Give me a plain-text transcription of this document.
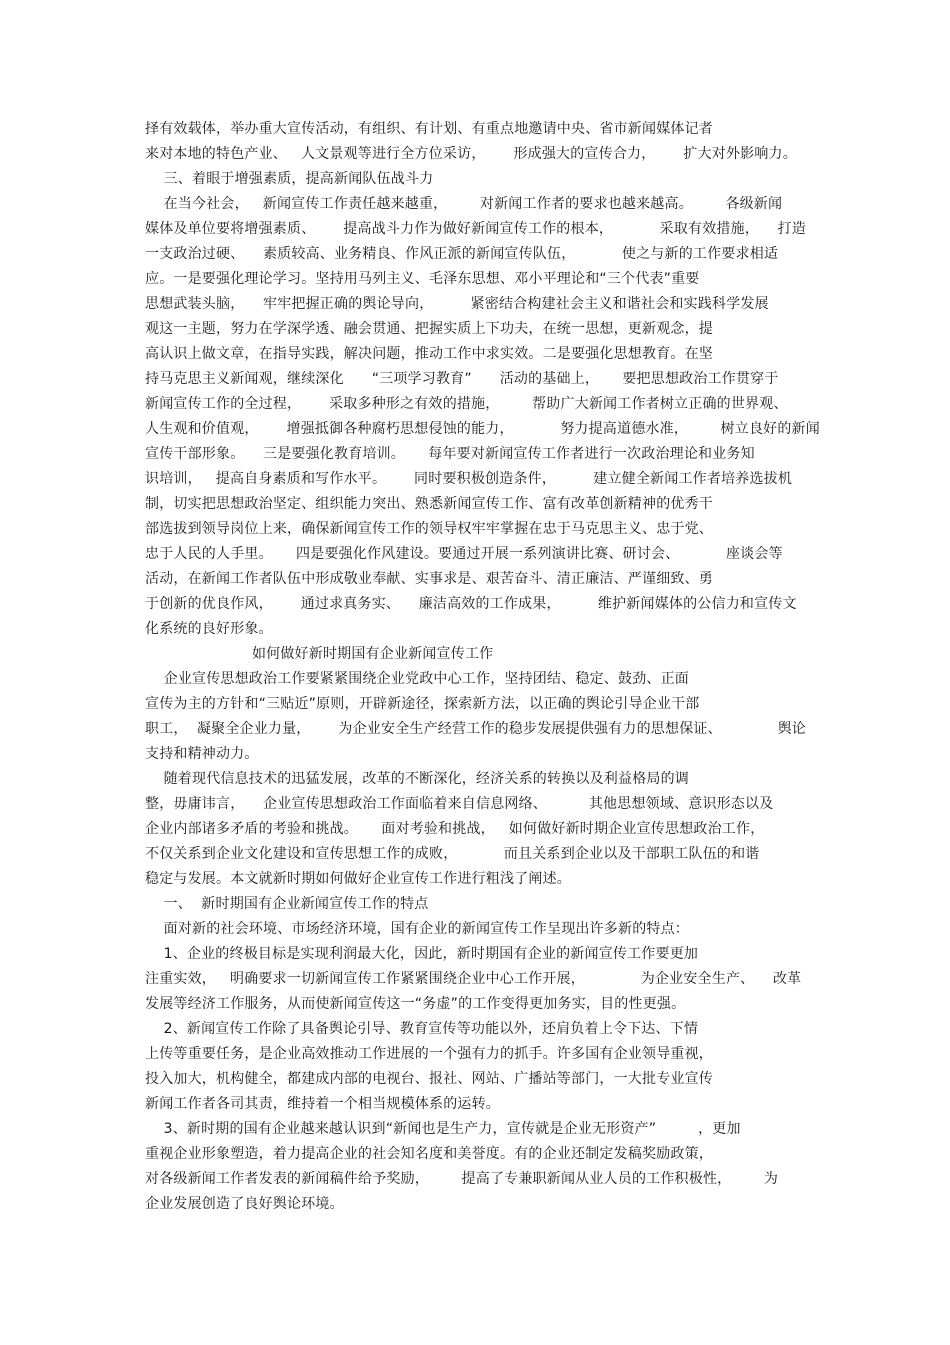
择有效载体，举办重大宣传活动，有组织、有计划、有重点地邀请中央、省市新闻媒体记者
来对本地的特色产业、   人文景观等进行全方位采访，      形成强大的宣传合力，      扩大对外影响力。
三、着眼于增强素质，提高新闻队伍战斗力
在当今社会，   新闻宣传工作责任越来越重，       对新闻工作者的要求也越来越高。       各级新闻
媒体及单位要将增强素质、      提高战斗力作为做好新闻宣传工作的根本，          采取有效措施，    打造
一支政治过硬、    素质较高、业务精良、作风正派的新闻宣传队伍，          使之与新的工作要求相适
应。一是要强化理论学习。坚持用马列主义、毛泽东思想、邓小平理论和“三个代表”重要
思想武装头脑，    牢牢把握正确的舆论导向，        紧密结合构建社会主义和谐社会和实践科学发展
观这一主题，努力在学深学透、融会贯通、把握实质上下功夫，在统一思想，更新观念，提
高认识上做文章，在指导实践，解决问题，推动工作中求实效。二是要强化思想教育。在坚
持马克思主义新闻观，继续深化      “三项学习教育”      活动的基础上，     要把思想政治工作贯穿于
新闻宣传工作的全过程，      采取多种形之有效的措施，       帮助广大新闻工作者树立正确的世界观、
人生观和价值观，      增强抵御各种腐朽思想侵蚀的能力，          努力提高道德水准，       树立良好的新闻
宣传干部形象。    三是要强化教育培训。     每年要对新闻宣传工作者进行一次政治理论和业务知
识培训，   提高自身素质和写作水平。      同时要积极创造条件，        建立健全新闻工作者培养选拔机
制，切实把思想政治坚定、组织能力突出、熟悉新闻宣传工作、富有改革创新精神的优秀干
部选拔到领导岗位上来，确保新闻宣传工作的领导权牢牢掌握在忠于马克思主义、忠于党、
忠于人民的人手里。     四是要强化作风建设。要通过开展一系列演讲比赛、研讨会、          座谈会等
活动，在新闻工作者队伍中形成敬业奉献、实事求是、艰苦奋斗、清正廉洁、严谨细致、勇
于创新的优良作风，      通过求真务实、    廉洁高效的工作成果，        维护新闻媒体的公信力和宣传文
化系统的良好形象。
如何做好新时期国有企业新闻宣传工作
企业宣传思想政治工作要紧紧围绕企业党政中心工作，坚持团结、稳定、鼓劲、正面
宣传为主的方针和“三贴近”原则，开辟新途径，探索新方法，以正确的舆论引导企业干部
职工，  凝聚全企业力量，      为企业安全生产经营工作的稳步发展提供强有力的思想保证、            舆论
支持和精神动力。
随着现代信息技术的迅猛发展，改革的不断深化，经济关系的转换以及利益格局的调
整，毋庸讳言，    企业宣传思想政治工作面临着来自信息网络、         其他思想领域、意识形态以及
企业内部诸多矛盾的考验和挑战。     面对考验和挑战，   如何做好新时期企业宣传思想政治工作，
不仅关系到企业文化建设和宣传思想工作的成败，          而且关系到企业以及干部职工队伍的和谐
稳定与发展。本文就新时期如何做好企业宣传工作进行粗浅了阐述。
一、  新时期国有企业新闻宣传工作的特点
面对新的社会环境、市场经济环境，国有企业的新闻宣传工作呈现出许多新的特点：
1、企业的终极目标是实现利润最大化，因此，新时期国有企业的新闻宣传工作要更加
注重实效，   明确要求一切新闻宣传工作紧紧围绕企业中心工作开展，            为企业安全生产、    改革
发展等经济工作服务，从而使新闻宣传这一“务虚”的工作变得更加务实，目的性更强。
2、新闻宣传工作除了具备舆论引导、教育宣传等功能以外，还肩负着上令下达、下情
上传等重要任务，是企业高效推动工作进展的一个强有力的抓手。许多国有企业领导重视，
投入加大，机构健全，都建成内部的电视台、报社、网站、广播站等部门，一大批专业宣传
新闻工作者各司其责，维持着一个相当规模体系的运转。
3、新时期的国有企业越来越认识到“新闻也是生产力，宣传就是企业无形资产”         ，更加
重视企业形象塑造，着力提高企业的社会知名度和美誉度。有的企业还制定发稿奖励政策，
对各级新闻工作者发表的新闻稿件给予奖励，       提高了专兼职新闻从业人员的工作积极性，       为
企业发展创造了良好舆论环境。
